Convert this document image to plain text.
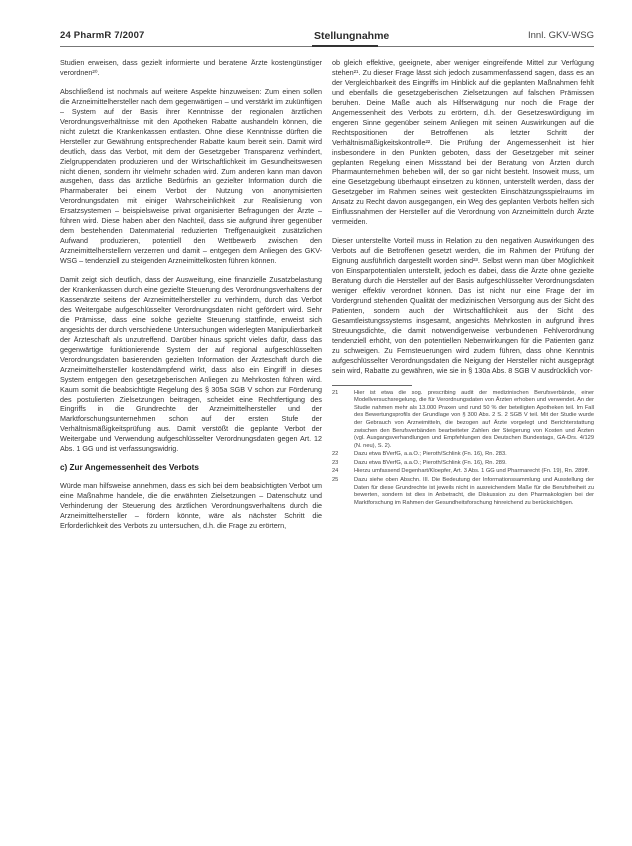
24 PharmR 7/2007	Stellungnahme	Innl. GKV-WSG

Studien erweisen, dass gezielt informierte und beratene Ärzte kostengünstiger verordnen²⁰.

Abschließend ist nochmals auf weitere Aspekte hinzuweisen: Zum einen sollen die Arzneimittelhersteller nach dem gegenwärtigen – und verstärkt im zukünftigen – System auf der Basis ihrer Kenntnisse der regionalen ärztlichen Verordnungsverhältnisse mit den Apotheken Rabatte aushandeln können, die nicht zuletzt die Krankenkassen entlasten. Ohne diese Kenntnisse dürften die Hersteller zur Gewährung entsprechender Rabatte kaum bereit sein. Damit wird deutlich, dass das Verbot, mit dem der Gesetzgeber Transparenz verhindert, Zielgruppendaten produzieren und der Wirtschaftlichkeit im Gesundheitswesen nicht dienen, sondern ihr vielmehr schaden wird. Zum anderen kann man davon ausgehen, dass das ärztliche Bedürfnis an gezielter Information durch die Pharmaberater bei einem Verbot der Nutzung von anonymisierten Verordnungsdaten mit einiger Wahrscheinlichkeit zur Realisierung von Ersatzsystemen – beispielsweise privat organisierter Befragungen der Ärzte – führen wird. Diese haben aber den Nachteil, dass sie aufgrund ihrer gegenüber dem bestehenden Datenmaterial reduzierten Treffgenauigkeit zusätzlichen Aufwand produzieren, potentiell den Wettbewerb zwischen den Arzneimittelherstellern verzerren und damit – entgegen dem Anliegen des GKV-WSG – tendenziell zu steigenden Arzneimittelkosten führen können.

Damit zeigt sich deutlich, dass der Ausweitung, eine finanzielle Zusatzbelastung der Krankenkassen durch eine gezielte Steuerung des Verordnungsverhaltens der Kassenärzte seitens der Arzneimittelhersteller zu verhindern, durch das Verbot des Weitergabe aufgeschlüsselter Verordnungsdaten nicht gefördert wird. Sehr die Prämisse, dass eine solche gezielte Steuerung stattfinde, erweist sich angesichts der durch verschiedene Untersuchungen widerlegten Manipulierbarkeit der Ärzteschaft als unzutreffend. Darüber hinaus spricht vieles dafür, dass das gegenwärtige funktionierende System der auf regional aufgeschlüsselten Verordnungsdaten basierenden gezielten Information der Ärzteschaft durch die Arzneimittelhersteller kostendämpfend wirkt, dass also ein Eingriff in dieses System entgegen den gesetzgeberischen Anliegen zu Mehrkosten führen wird. Kaum somit die beabsichtigte Regelung des § 305a SGB V schon zur Förderung des postulierten Zielsetzungen beitragen, scheidet eine Rechtfertigung des Eingriffs in die Grundrechte der Arzneimittelhersteller und der Marktforschungsunternehmen schon auf der ersten Stufe der Verhältnismäßigkeitsprüfung aus. Damit verstößt die geplante Verbot der Weitergabe und Verwendung aufgeschlüsselter Verordnungsdaten gegen Art. 12 Abs. 1 GG und ist verfassungswidrig.

c) Zur Angemessenheit des Verbots

Würde man hilfsweise annehmen, dass es sich bei dem beabsichtigten Verbot um eine Maßnahme handele, die die erwähnten Zielsetzungen – Datenschutz und Verhinderung der Steuerung des ärztlichen Verordnungsverhaltens durch die Arzneimittelhersteller – fördern könnte, wäre als nächster Schritt die Erforderlichkeit des Verbots zu untersuchen, d.h. die Frage zu erörtern,

ob gleich effektive, geeignete, aber weniger eingreifende Mittel zur Verfügung stehen²¹. Zu dieser Frage lässt sich jedoch zusammenfassend sagen, dass es an der Vergleichbarkeit des Eingriffs im Hinblick auf die geplanten Maßnahmen fehlt und ebenfalls die gesetzgeberischen Zielsetzungen auf falschen Prämissen beruhen. Deine Maße auch als Hilfserwägung nur noch die Frage der Angemessenheit des Verbots zu erörtern, d.h. der Gesetzeswürdigung im engeren Sinne gegenüber seinem Anliegen mit seinen Auswirkungen auf die Rechtspositionen der Betroffenen als letzter Schritt der Verhältnismäßigkeitskontrolle²². Die Prüfung der Angemessenheit ist hier insbesondere in den Punkten geboten, dass der Gesetzgeber mit seiner geplanten Regelung einen Missstand bei der Beratung von Ärzten durch Pharmaunternehmen beheben will, der so gar nicht besteht. Insoweit muss, um eine Gesetzgebung überhaupt einsetzen zu können, unterstellt werden, dass der Gesetzgeber im Rahmen seines weit gesteckten Einschätzungsspielraums im Ansatz zu Recht davon ausgegangen, ein Weg des geplanten Verbots helfen sich Einflussnahmen der Hersteller auf die Verordnung von Arzneimitteln durch Ärzte vermeiden.

Dieser unterstellte Vorteil muss in Relation zu den negativen Auswirkungen des Verbots auf die Betroffenen gesetzt werden, die im Rahmen der Prüfung der Eignung ausführlich dargestellt worden sind²³. Selbst wenn man über Möglichkeit von Einsparpotentialen unterstellt, jedoch es dabei, dass die Ärzte ohne gezielte Beratung durch die Hersteller auf der Basis aufgeschlüsselter Verordnungsdaten weniger effektiv verordnet können. Das ist nicht nur eine Frage der im Vordergrund stehenden Qualität der medizinischen Versorgung aus der Sicht des Patienten, sondern auch der Wirtschaftlichkeit aus der Sicht des Gesamtleistungssystems insgesamt, angesichts Mehrkosten in aufgrund ihres Streuungsdichte, die damit notwendigerweise verbundenen Fehlverordnung tendenziell erhöht, von den potentiellen Nebenwirkungen für die Patienten ganz zu schweigen. Zu Fernsteuerungen wird zudem führen, dass ohne Kenntnis aufgeschlüsselter Verordnungsdaten die Neigung der Hersteller nicht ausgeprägt sein wird, Rabatte zu gewähren, wie sie in § 130a Abs. 8 SGB V ausdrücklich vor-

21	Hier ist etwa die sog. prescribing audit der medizinischen Berufsverbände, einer Modellversuchsregelung, die für Verordnungsdaten von Ärzten erhoben und verwendet. An der Studie nahmen mehr als 13.000 Praxen und rund 50 % der beteiligten Apotheken teil. Im Fall des Bewertungsprofils der Grundlage von § 300 Abs. 2 S. 2 SGB V teil. Mit der Studie wurde der Gebrauch von Arzneimitteln, die bezogen auf Ärzte vorgelegt und Berichterstattung zwischen den Berufsverbänden bearbeiteter Zahlen der Steigerung von Kosten und Ärzten (vgl. Ausgangsverhandlungen und Empfehlungen des Deutschen Bundestags, GA-Drs. 4/129 (N. neu), S. 2).
22	Dazu etwa BVerfG, a.a.O.; Pieroth/Schlink (Fn. 16), Rn. 283.
23	Dazu etwa BVerfG, a.a.O.; Pieroth/Schlink (Fn. 16), Rn. 289.
24	Hierzu umfassend Degenhart/Kloepfer, Art. 3 Abs. 1 GG und Pharmarecht (Fn. 19), Rn. 289ff.
25	Dazu siehe oben Abschn. III. Die Bedeutung der Informationssammlung und Ausstellung der Daten für diese Grundrechte ist jeweils nicht in ausreichendem Maße für die Berufsfreiheit zu bewerten, sondern ist dies in Anbetracht, die Diskussion zu den Pharmakologien bei der Marktforschung im Rahmen der Gesundheitsforschung hinreichend zu berücksichtigen.
